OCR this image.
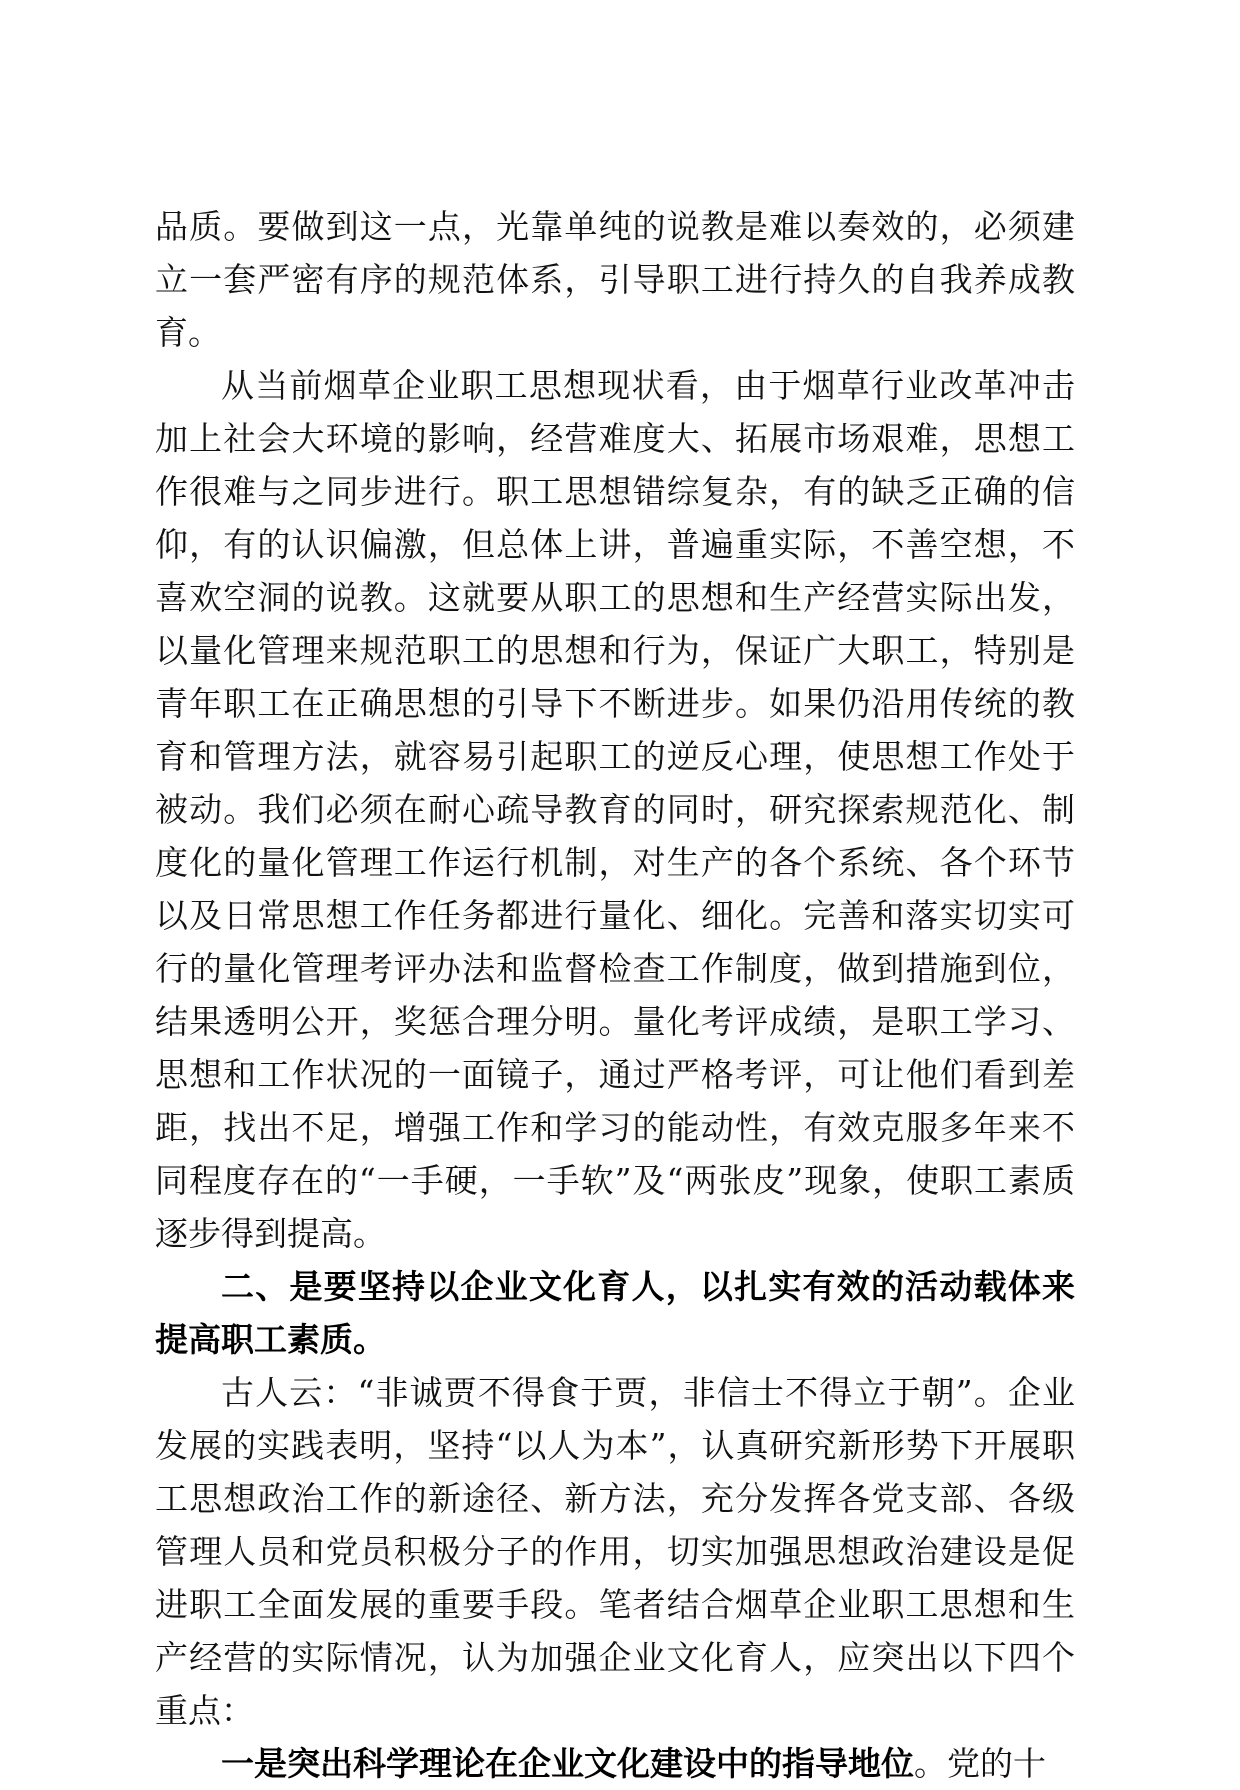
品质。要做到这一点，光靠单纯的说教是难以奏效的，必须建立一套严密有序的规范体系，引导职工进行持久的自我养成教育。

从当前烟草企业职工思想现状看，由于烟草行业改革冲击加上社会大环境的影响，经营难度大、拓展市场艰难，思想工作很难与之同步进行。职工思想错综复杂，有的缺乏正确的信仰，有的认识偏激，但总体上讲，普遍重实际，不善空想，不喜欢空洞的说教。这就要从职工的思想和生产经营实际出发，以量化管理来规范职工的思想和行为，保证广大职工，特别是青年职工在正确思想的引导下不断进步。如果仍沿用传统的教育和管理方法，就容易引起职工的逆反心理，使思想工作处于被动。我们必须在耐心疏导教育的同时，研究探索规范化、制度化的量化管理工作运行机制，对生产的各个系统、各个环节以及日常思想工作任务都进行量化、细化。完善和落实切实可行的量化管理考评办法和监督检查工作制度，做到措施到位，结果透明公开，奖惩合理分明。量化考评成绩，是职工学习、思想和工作状况的一面镜子，通过严格考评，可让他们看到差距，找出不足，增强工作和学习的能动性，有效克服多年来不同程度存在的“一手硬，一手软”及“两张皮”现象，使职工素质逐步得到提高。

二、是要坚持以企业文化育人，以扎实有效的活动载体来提高职工素质。

古人云：“非诚贾不得食于贾，非信士不得立于朝”。企业发展的实践表明，坚持“以人为本”，认真研究新形势下开展职工思想政治工作的新途径、新方法，充分发挥各党支部、各级管理人员和党员积极分子的作用，切实加强思想政治建设是促进职工全面发展的重要手段。笔者结合烟草企业职工思想和生产经营的实际情况，认为加强企业文化育人，应突出以下四个重点：

一是突出科学理论在企业文化建设中的指导地位。党的十
